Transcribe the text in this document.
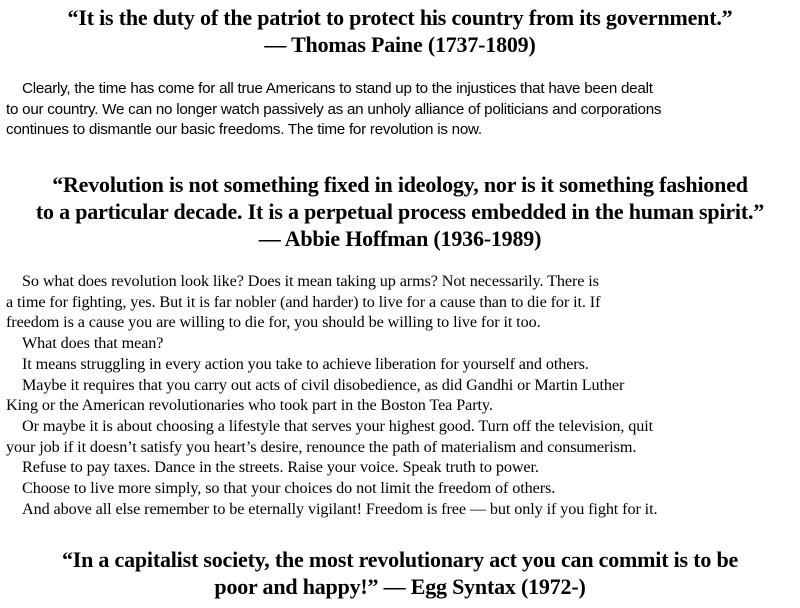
“It is the duty of the patriot to protect his country from its government.”
— Thomas Paine (1737-1809)
Clearly, the time has come for all true Americans to stand up to the injustices that have been dealt
to our country. We can no longer watch passively as an unholy alliance of politicians and corporations
continues to dismantle our basic freedoms. The time for revolution is now.
“Revolution is not something fixed in ideology, nor is it something fashioned
to a particular decade. It is a perpetual process embedded in the human spirit.”
— Abbie Hoffman (1936-1989)
So what does revolution look like? Does it mean taking up arms? Not necessarily. There is
a time for fighting, yes. But it is far nobler (and harder) to live for a cause than to die for it. If
freedom is a cause you are willing to die for, you should be willing to live for it too.
What does that mean?
It means struggling in every action you take to achieve liberation for yourself and others.
Maybe it requires that you carry out acts of civil disobedience, as did Gandhi or Martin Luther
King or the American revolutionaries who took part in the Boston Tea Party.
Or maybe it is about choosing a lifestyle that serves your highest good. Turn off the television, quit
your job if it doesn’t satisfy you heart’s desire, renounce the path of materialism and consumerism.
Refuse to pay taxes. Dance in the streets. Raise your voice. Speak truth to power.
Choose to live more simply, so that your choices do not limit the freedom of others.
And above all else remember to be eternally vigilant! Freedom is free — but only if you fight for it.
“In a capitalist society, the most revolutionary act you can commit is to be
poor and happy!” — Egg Syntax (1972-)
